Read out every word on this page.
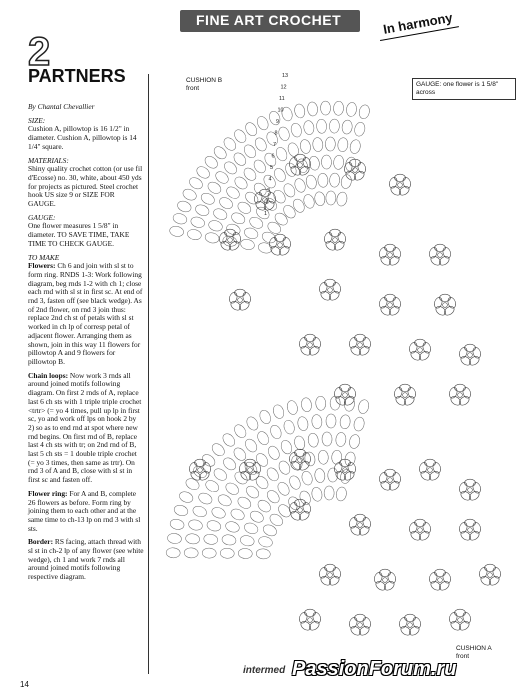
FINE ART CROCHET	In harmony

2
PARTNERS

By Chantal Chevallier

SIZE:

Cushion A, pillowtop is 16 1/2" in diameter. Cushion A, pillowtop is 14 1/4" square.

MATERIALS:

Shiny quality crochet cotton (or use fil d'Ecosse) no. 30, white, about 450 yds for projects as pictured. Steel crochet hook US size 9 or SIZE FOR GAUGE.

GAUGE:

One flower measures 1 5/8" in diameter. TO SAVE TIME, TAKE TIME TO CHECK GAUGE.

TO MAKE

Flowers: Ch 6 and join with sl st to form ring. RNDS 1-3: Work following diagram, beg rnds 1-2 with ch 1; close each rnd with sl st in first sc. At end of rnd 3, fasten off (see black wedge). As of 2nd flower, on rnd 3 join thus: replace 2nd ch st of petals with sl st worked in ch lp of corresp petal of adjacent flower. Arranging them as shown, join in this way 11 flowers for pillowtop A and 9 flowers for pillowtop B.

Chain loops: Now work 3 rnds all around joined motifs following diagram. On first 2 rnds of A, replace last 6 ch sts with 1 triple triple crochet <trtr> (= yo 4 times, pull up lp in first sc, yo and work off lps on hook 2 by 2) so as to end rnd at spot where new rnd begins. On first rnd of B, replace last 4 ch sts with tr; on 2nd rnd of B, last 5 ch sts = 1 double triple crochet (= yo 3 times, then same as trtr). On rnd 3 of A and B, close with sl st in first sc and fasten off.

Flower ring: For A and B, complete 26 flowers as before. Form ring by joining them to each other and at the same time to ch-13 lp on rnd 3 with sl sts.

Border: RS facing, attach thread with sl st in ch-2 lp of any flower (see white wedge), ch 1 and work 7 rnds all around joined motifs following respective diagram.

13
12
11
10
9
8
7
6
5
4
3
2
1
CUSHION B
front	GAUGE: one flower is 1 5/8" across
CUSHION A
front
intermed PassionForum.ru
14
